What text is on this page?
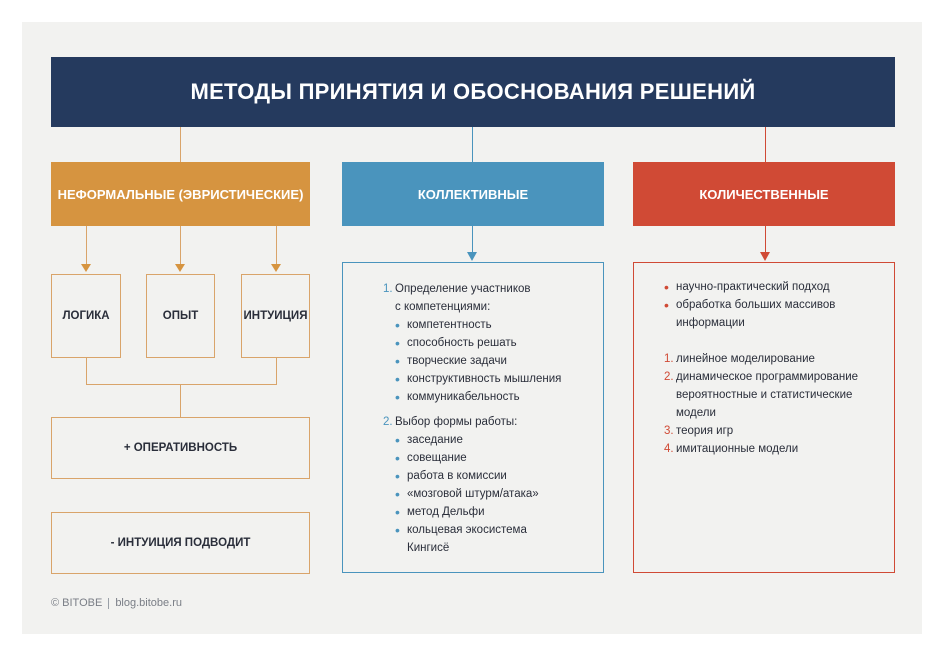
МЕТОДЫ ПРИНЯТИЯ И ОБОСНОВАНИЯ РЕШЕНИЙ
НЕФОРМАЛЬНЫЕ (ЭВРИСТИЧЕСКИЕ)	КОЛЛЕКТИВНЫЕ	КОЛИЧЕСТВЕННЫЕ
ЛОГИКА	ОПЫТ	ИНТУИЦИЯ
+ ОПЕРАТИВНОСТЬ
- ИНТУИЦИЯ ПОДВОДИТ
1. Определение участников
с компетенциями:
• компетентность
• способность решать
• творческие задачи
• конструктивность мышления
• коммуникабельность
2. Выбор формы работы:
• заседание
• совещание
• работа в комиссии
• «мозговой штурм/атака»
• метод Дельфи
• кольцевая экосистема
Кингисё
• научно-практический подход
• обработка больших массивов
информации
1. линейное моделирование
2. динамическое программирование
вероятностные и статистические
модели
3. теория игр
4. имитационные модели
© BITOBE blog.bitobe.ru
